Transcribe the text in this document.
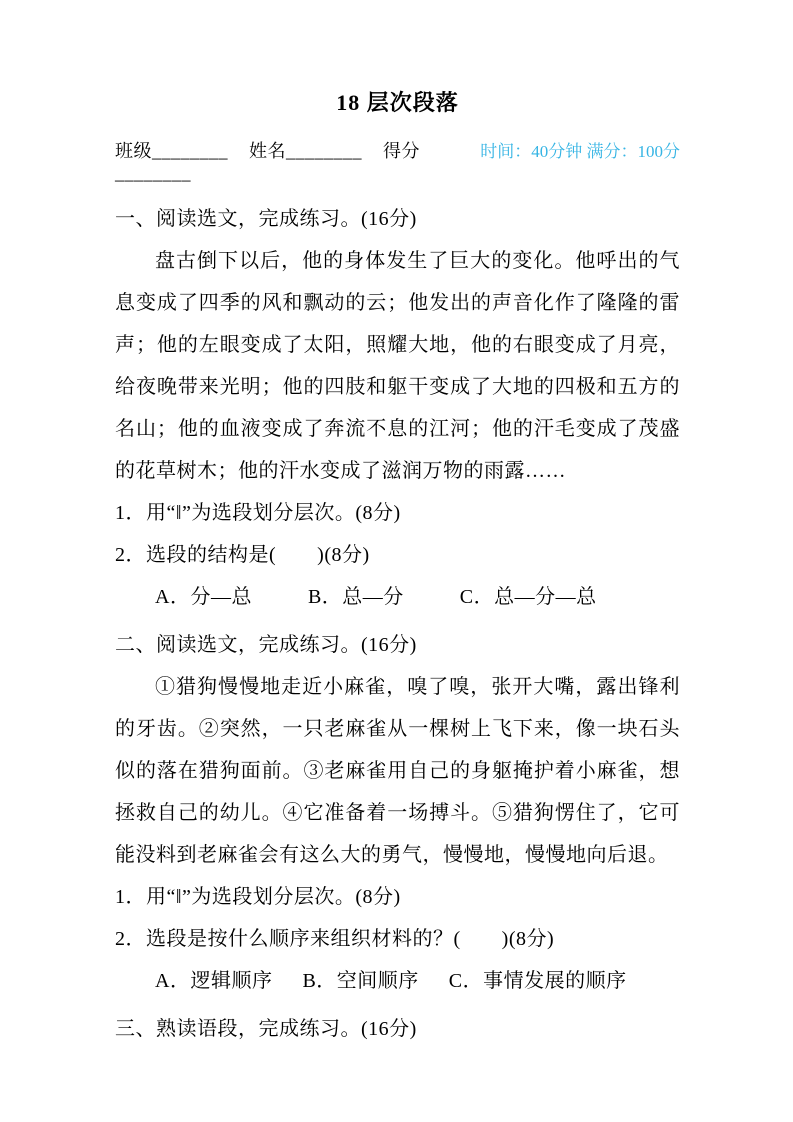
18 层次段落
班级________ 姓名________ 得分________
时间：40分钟 满分：100分
一、阅读选文，完成练习。(16分)

盘古倒下以后，他的身体发生了巨大的变化。他呼出的气息变成了四季的风和飘动的云；他发出的声音化作了隆隆的雷声；他的左眼变成了太阳，照耀大地，他的右眼变成了月亮，给夜晚带来光明；他的四肢和躯干变成了大地的四极和五方的名山；他的血液变成了奔流不息的江河；他的汗毛变成了茂盛的花草树木；他的汗水变成了滋润万物的雨露……

1．用“‖”为选段划分层次。(8分)
2．选段的结构是(　　)(8分)
A．分—总	B．总—分	C．总—分—总
二、阅读选文，完成练习。(16分)

①猎狗慢慢地走近小麻雀，嗅了嗅，张开大嘴，露出锋利的牙齿。②突然，一只老麻雀从一棵树上飞下来，像一块石头似的落在猎狗面前。③老麻雀用自己的身躯掩护着小麻雀，想拯救自己的幼儿。④它准备着一场搏斗。⑤猎狗愣住了，它可能没料到老麻雀会有这么大的勇气，慢慢地，慢慢地向后退。

1．用“‖”为选段划分层次。(8分)
2．选段是按什么顺序来组织材料的？(　　)(8分)
A．逻辑顺序 B．空间顺序 C．事情发展的顺序
三、熟读语段，完成练习。(16分)
